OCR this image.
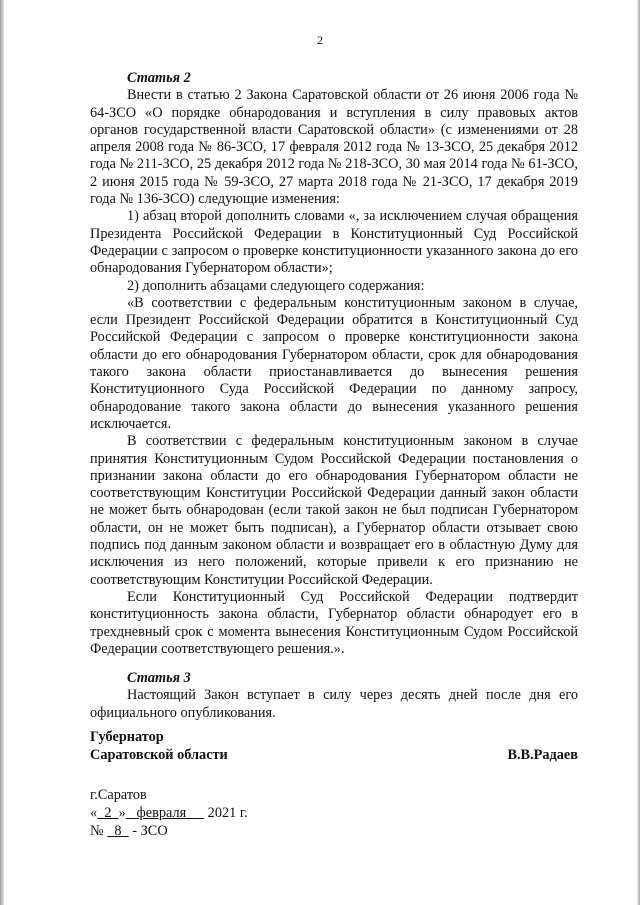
2
Статья 2

Внести в статью 2 Закона Саратовской области от 26 июня 2006 года № 64-ЗСО «О порядке обнародования и вступления в силу правовых актов органов государственной власти Саратовской области» (с изменениями от 28 апреля 2008 года № 86-ЗСО, 17 февраля 2012 года № 13-ЗСО, 25 декабря 2012 года № 211-ЗСО, 25 декабря 2012 года № 218-ЗСО, 30 мая 2014 года № 61-ЗСО, 2 июня 2015 года № 59-ЗСО, 27 марта 2018 года № 21-ЗСО, 17 декабря 2019 года № 136-ЗСО) следующие изменения:

1) абзац второй дополнить словами «, за исключением случая обращения Президента Российской Федерации в Конституционный Суд Российской Федерации с запросом о проверке конституционности указанного закона до его обнародования Губернатором области»;

2) дополнить абзацами следующего содержания:

«В соответствии с федеральным конституционным законом в случае, если Президент Российской Федерации обратится в Конституционный Суд Российской Федерации с запросом о проверке конституционности закона области до его обнародования Губернатором области, срок для обнародования такого закона области приостанавливается до вынесения решения Конституционного Суда Российской Федерации по данному запросу, обнародование такого закона области до вынесения указанного решения исключается.

В соответствии с федеральным конституционным законом в случае принятия Конституционным Судом Российской Федерации постановления о признании закона области до его обнародования Губернатором области не соответствующим Конституции Российской Федерации данный закон области не может быть обнародован (если такой закон не был подписан Губернатором области, он не может быть подписан), а Губернатор области отзывает свою подпись под данным законом области и возвращает его в областную Думу для исключения из него положений, которые привели к его признанию не соответствующим Конституции Российской Федерации.

Если Конституционный Суд Российской Федерации подтвердит конституционность закона области, Губернатор области обнародует его в трехдневный срок с момента вынесения Конституционным Судом Российской Федерации соответствующего решения.».

Статья 3

Настоящий Закон вступает в силу через десять дней после дня его официального опубликования.

Губернатор
Саратовской области	В.В.Радаев
г.Саратов
« 2 » февраля 2021 г.
№ 8 - ЗСО
